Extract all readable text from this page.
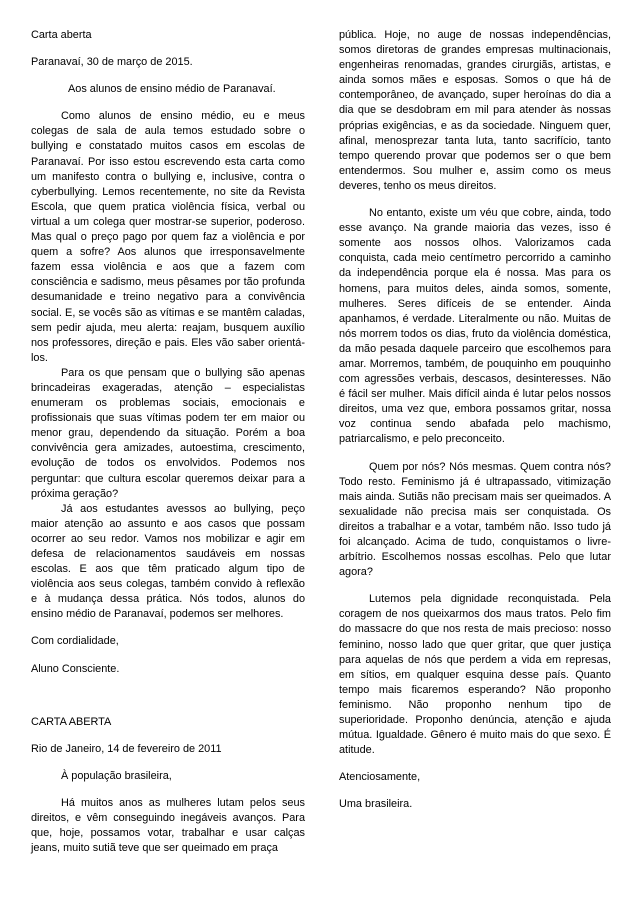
Carta aberta
Paranavaí, 30 de março de 2015.
Aos alunos de ensino médio de Paranavaí.

Como alunos de ensino médio, eu e meus colegas de sala de aula temos estudado sobre o bullying e constatado muitos casos em escolas de Paranavaí. Por isso estou escrevendo esta carta como um manifesto contra o bullying e, inclusive, contra o cyberbullying. Lemos recentemente, no site da Revista Escola, que quem pratica violência física, verbal ou virtual a um colega quer mostrar-se superior, poderoso. Mas qual o preço pago por quem faz a violência e por quem a sofre? Aos alunos que irresponsavelmente fazem essa violência e aos que a fazem com consciência e sadismo, meus pêsames por tão profunda desumanidade e treino negativo para a convivência social. E, se vocês são as vítimas e se mantêm caladas, sem pedir ajuda, meu alerta: reajam, busquem auxílio nos professores, direção e pais. Eles vão saber orientá-los.

Para os que pensam que o bullying são apenas brincadeiras exageradas, atenção – especialistas enumeram os problemas sociais, emocionais e profissionais que suas vítimas podem ter em maior ou menor grau, dependendo da situação. Porém a boa convivência gera amizades, autoestima, crescimento, evolução de todos os envolvidos. Podemos nos perguntar: que cultura escolar queremos deixar para a próxima geração?

Já aos estudantes avessos ao bullying, peço maior atenção ao assunto e aos casos que possam ocorrer ao seu redor. Vamos nos mobilizar e agir em defesa de relacionamentos saudáveis em nossas escolas. E aos que têm praticado algum tipo de violência aos seus colegas, também convido à reflexão e à mudança dessa prática. Nós todos, alunos do ensino médio de Paranavaí, podemos ser melhores.

Com cordialidade,
Aluno Consciente.
CARTA ABERTA
Rio de Janeiro, 14 de fevereiro de 2011
À população brasileira,

Há muitos anos as mulheres lutam pelos seus direitos, e vêm conseguindo inegáveis avanços. Para que, hoje, possamos votar, trabalhar e usar calças jeans, muito sutiã teve que ser queimado em praça

pública. Hoje, no auge de nossas independências, somos diretoras de grandes empresas multinacionais, engenheiras renomadas, grandes cirurgiãs, artistas, e ainda somos mães e esposas. Somos o que há de contemporâneo, de avançado, super heroínas do dia a dia que se desdobram em mil para atender às nossas próprias exigências, e as da sociedade. Ninguem quer, afinal, menosprezar tanta luta, tanto sacrifício, tanto tempo querendo provar que podemos ser o que bem entendermos. Sou mulher e, assim como os meus deveres, tenho os meus direitos.

No entanto, existe um véu que cobre, ainda, todo esse avanço. Na grande maioria das vezes, isso é somente aos nossos olhos. Valorizamos cada conquista, cada meio centímetro percorrido a caminho da independência porque ela é nossa. Mas para os homens, para muitos deles, ainda somos, somente, mulheres. Seres difíceis de se entender. Ainda apanhamos, é verdade. Literalmente ou não. Muitas de nós morrem todos os dias, fruto da violência doméstica, da mão pesada daquele parceiro que escolhemos para amar. Morremos, também, de pouquinho em pouquinho com agressões verbais, descasos, desinteresses. Não é fácil ser mulher. Mais difícil ainda é lutar pelos nossos direitos, uma vez que, embora possamos gritar, nossa voz continua sendo abafada pelo machismo, patriarcalismo, e pelo preconceito.

Quem por nós? Nós mesmas. Quem contra nós? Todo resto. Feminismo já é ultrapassado, vitimização mais ainda. Sutiãs não precisam mais ser queimados. A sexualidade não precisa mais ser conquistada. Os direitos a trabalhar e a votar, também não. Isso tudo já foi alcançado. Acima de tudo, conquistamos o livre-arbítrio. Escolhemos nossas escolhas. Pelo que lutar agora?

Lutemos pela dignidade reconquistada. Pela coragem de nos queixarmos dos maus tratos. Pelo fim do massacre do que nos resta de mais precioso: nosso feminino, nosso lado que quer gritar, que quer justiça para aquelas de nós que perdem a vida em represas, em sítios, em qualquer esquina desse país. Quanto tempo mais ficaremos esperando? Não proponho feminismo. Não proponho nenhum tipo de superioridade. Proponho denúncia, atenção e ajuda mútua. Igualdade. Gênero é muito mais do que sexo. É atitude.

Atenciosamente,
Uma brasileira.
